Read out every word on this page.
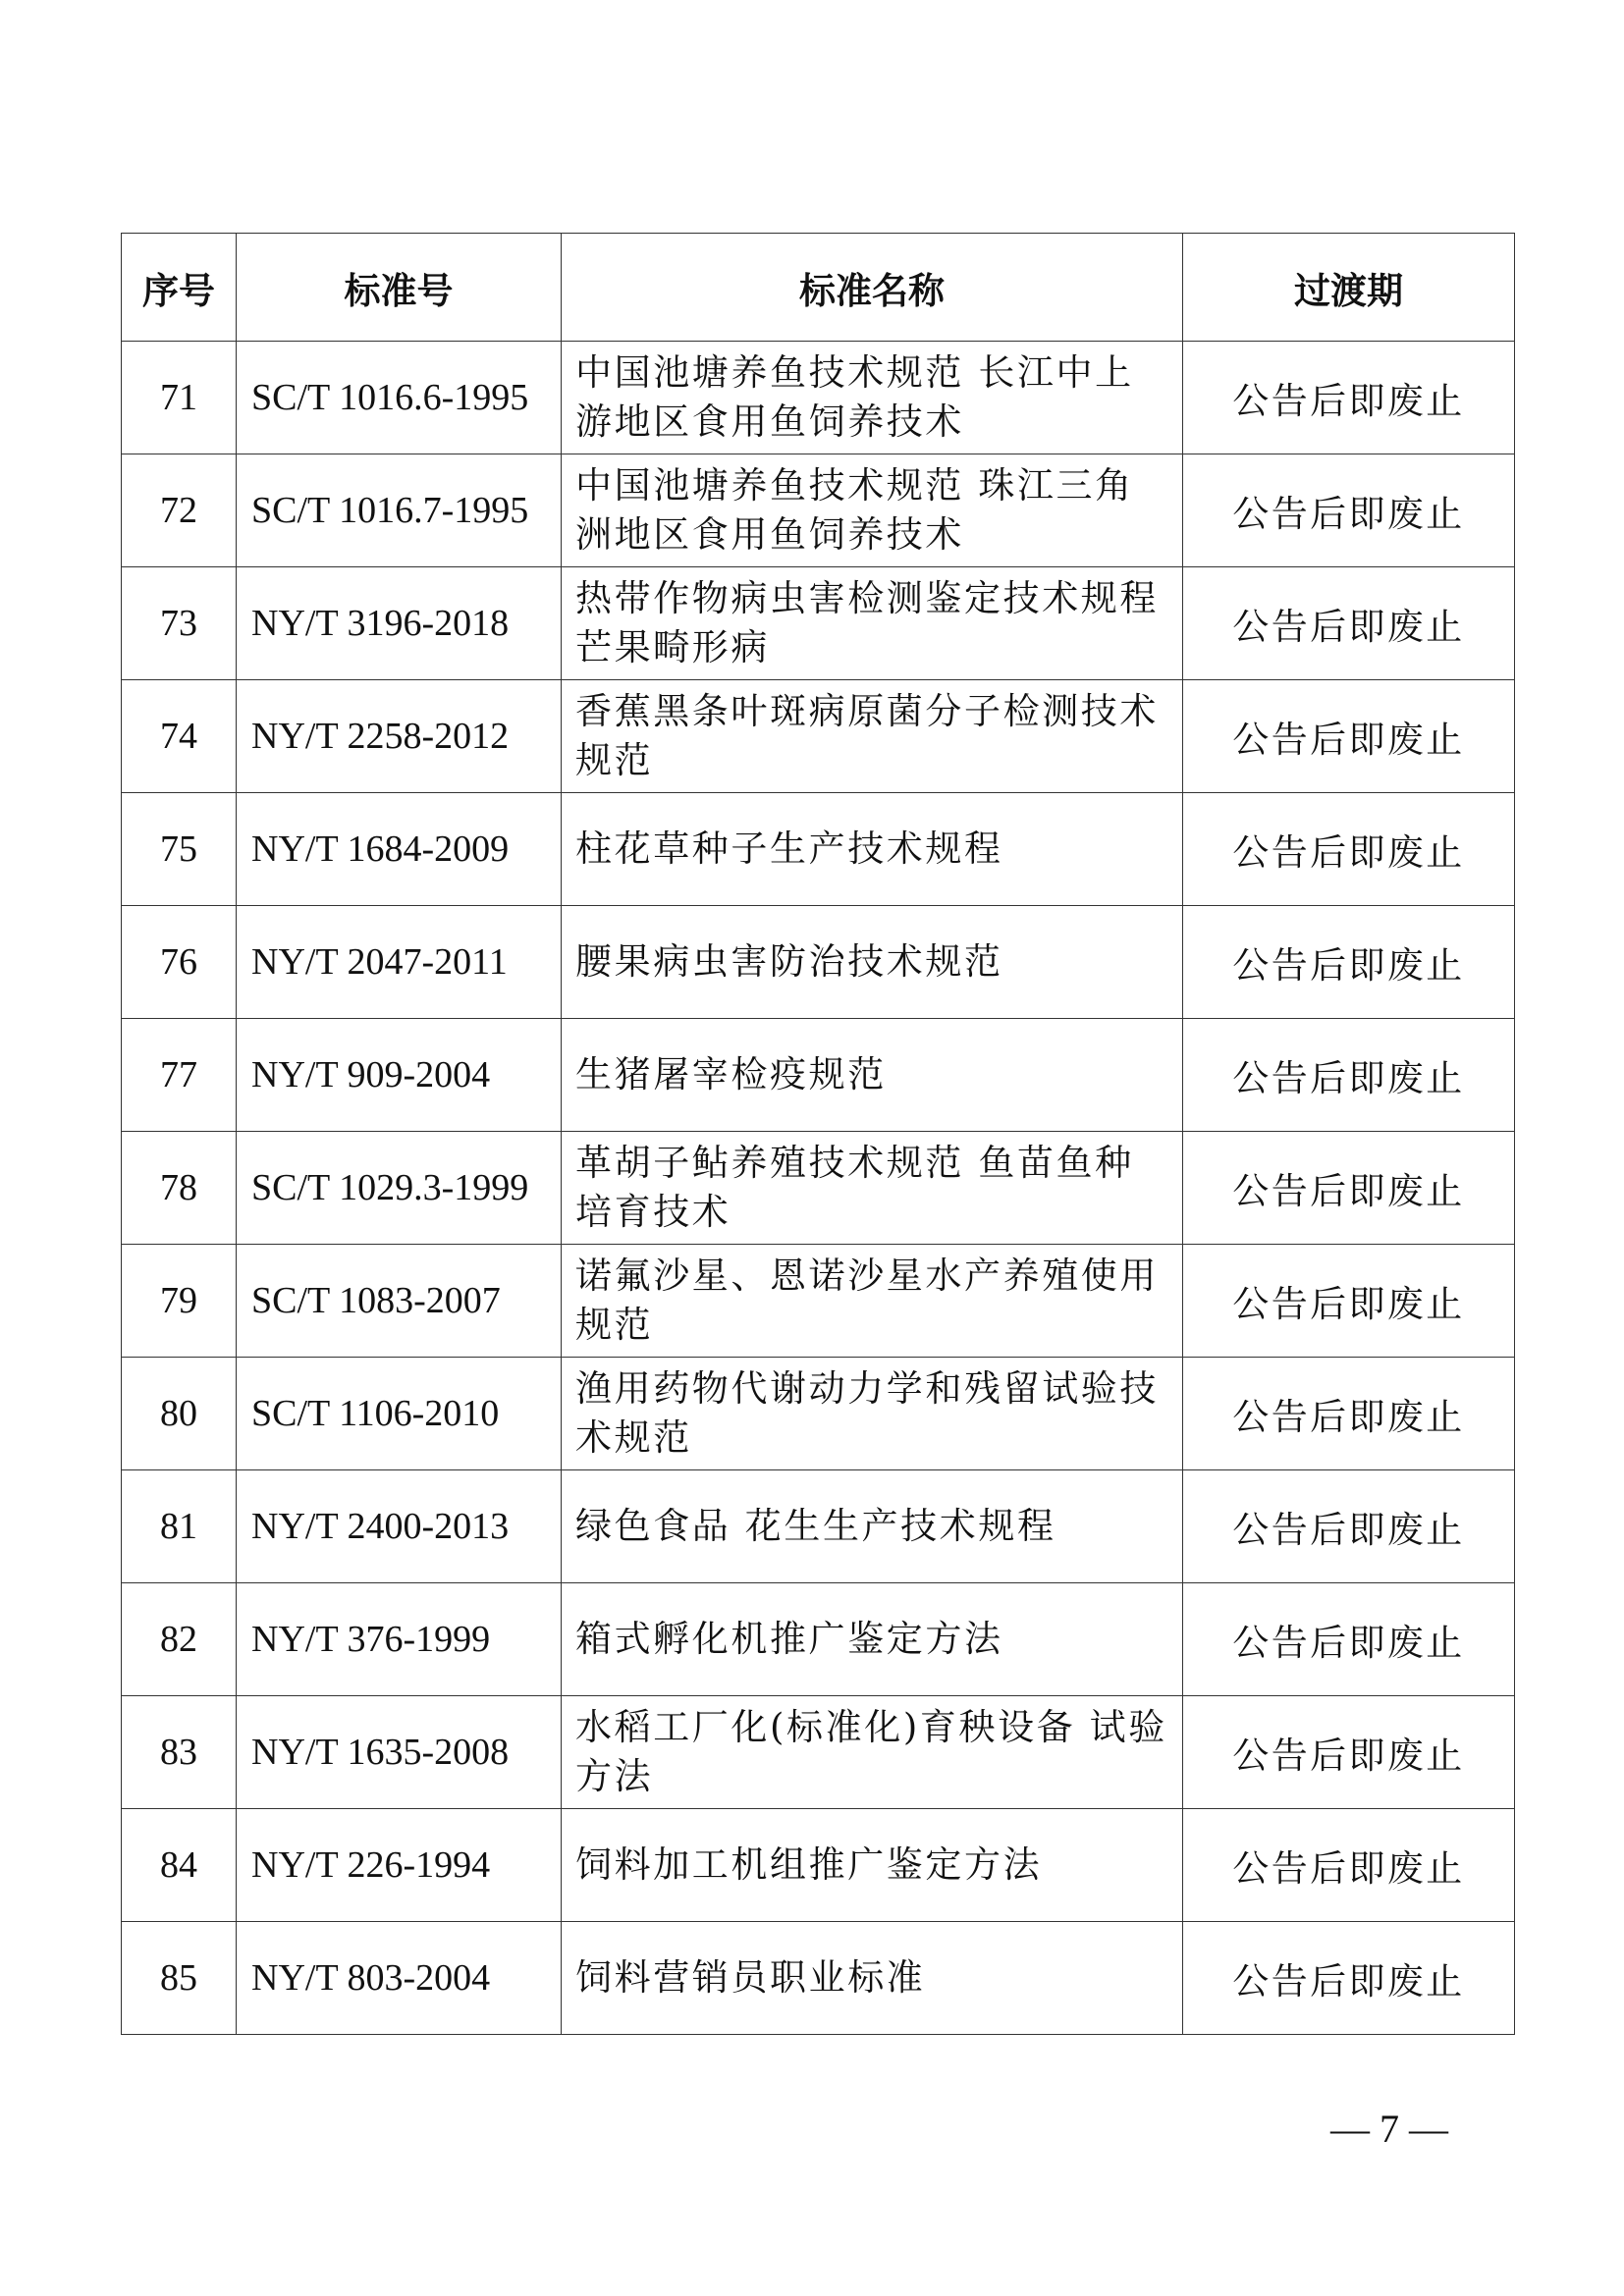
序号	标准号	标准名称	过渡期
71	SC/T 1016.6-1995	中国池塘养鱼技术规范 长江中上游地区食用鱼饲养技术	公告后即废止
72	SC/T 1016.7-1995	中国池塘养鱼技术规范 珠江三角洲地区食用鱼饲养技术	公告后即废止
73	NY/T 3196-2018	热带作物病虫害检测鉴定技术规程 芒果畸形病	公告后即废止
74	NY/T 2258-2012	香蕉黑条叶斑病原菌分子检测技术规范	公告后即废止
75	NY/T 1684-2009	柱花草种子生产技术规程	公告后即废止
76	NY/T 2047-2011	腰果病虫害防治技术规范	公告后即废止
77	NY/T 909-2004	生猪屠宰检疫规范	公告后即废止
78	SC/T 1029.3-1999	革胡子鲇养殖技术规范 鱼苗鱼种培育技术	公告后即废止
79	SC/T 1083-2007	诺氟沙星、恩诺沙星水产养殖使用规范	公告后即废止
80	SC/T 1106-2010	渔用药物代谢动力学和残留试验技术规范	公告后即废止
81	NY/T 2400-2013	绿色食品 花生生产技术规程	公告后即废止
82	NY/T 376-1999	箱式孵化机推广鉴定方法	公告后即废止
83	NY/T 1635-2008	水稻工厂化(标准化)育秧设备 试验方法	公告后即废止
84	NY/T 226-1994	饲料加工机组推广鉴定方法	公告后即废止
85	NY/T 803-2004	饲料营销员职业标准	公告后即废止
— 7 —
